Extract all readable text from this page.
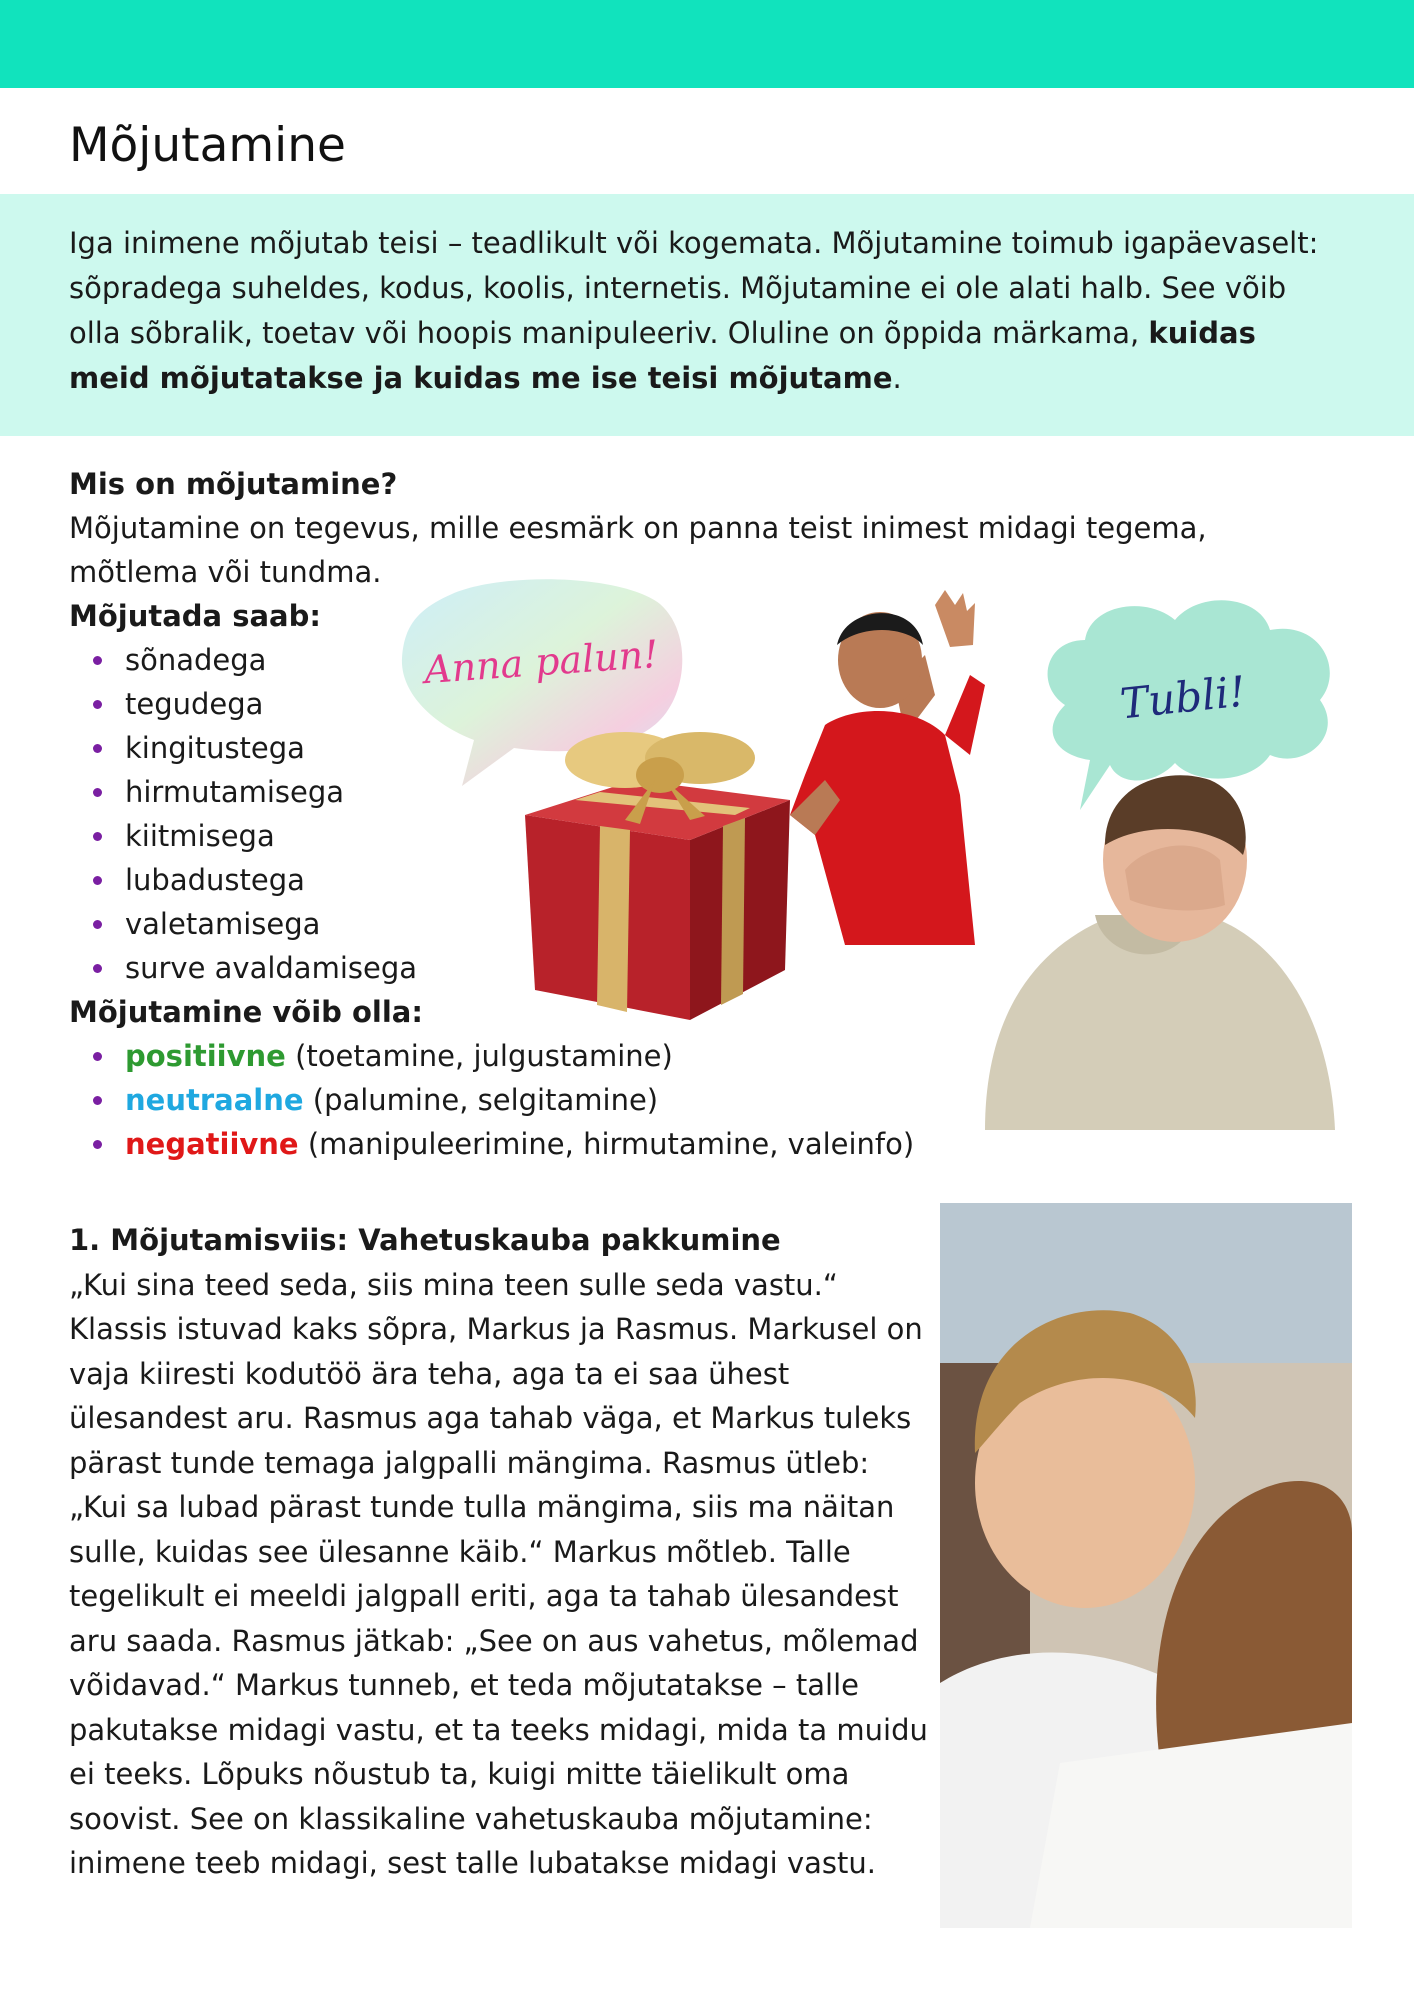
Mõjutamine
Iga inimene mõjutab teisi – teadlikult või kogemata. Mõjutamine toimub igapäevaselt: sõpradega suheldes, kodus, koolis, internetis. Mõjutamine ei ole alati halb. See võib olla sõbralik, toetav või hoopis manipuleeriv. Oluline on õppida märkama, kuidas meid mõjutatakse ja kuidas me ise teisi mõjutame.
Mis on mõjutamine?
Mõjutamine on tegevus, mille eesmärk on panna teist inimest midagi tegema, mõtlema või tundma.
Mõjutada saab:
sõnadega
tegudega
kingitustega
hirmutamisega
kiitmisega
lubadustega
valetamisega
surve avaldamisega
Mõjutamine võib olla:
positiivne (toetamine, julgustamine)
neutraalne (palumine, selgitamine)
negatiivne (manipuleerimine, hirmutamine, valeinfo)
Anna palun!
Tubli!
1. Mõjutamisviis: Vahetuskauba pakkumine
„Kui sina teed seda, siis mina teen sulle seda vastu.“ Klassis istuvad kaks sõpra, Markus ja Rasmus. Markusel on vaja kiiresti kodutöö ära teha, aga ta ei saa ühest ülesandest aru. Rasmus aga tahab väga, et Markus tuleks pärast tunde temaga jalgpalli mängima. Rasmus ütleb: „Kui sa lubad pärast tunde tulla mängima, siis ma näitan sulle, kuidas see ülesanne käib.“ Markus mõtleb. Talle tegelikult ei meeldi jalgpall eriti, aga ta tahab ülesandest aru saada. Rasmus jätkab: „See on aus vahetus, mõlemad võidavad.“ Markus tunneb, et teda mõjutatakse – talle pakutakse midagi vastu, et ta teeks midagi, mida ta muidu ei teeks. Lõpuks nõustub ta, kuigi mitte täielikult oma soovist. See on klassikaline vahetuskauba mõjutamine: inimene teeb midagi, sest talle lubatakse midagi vastu.
